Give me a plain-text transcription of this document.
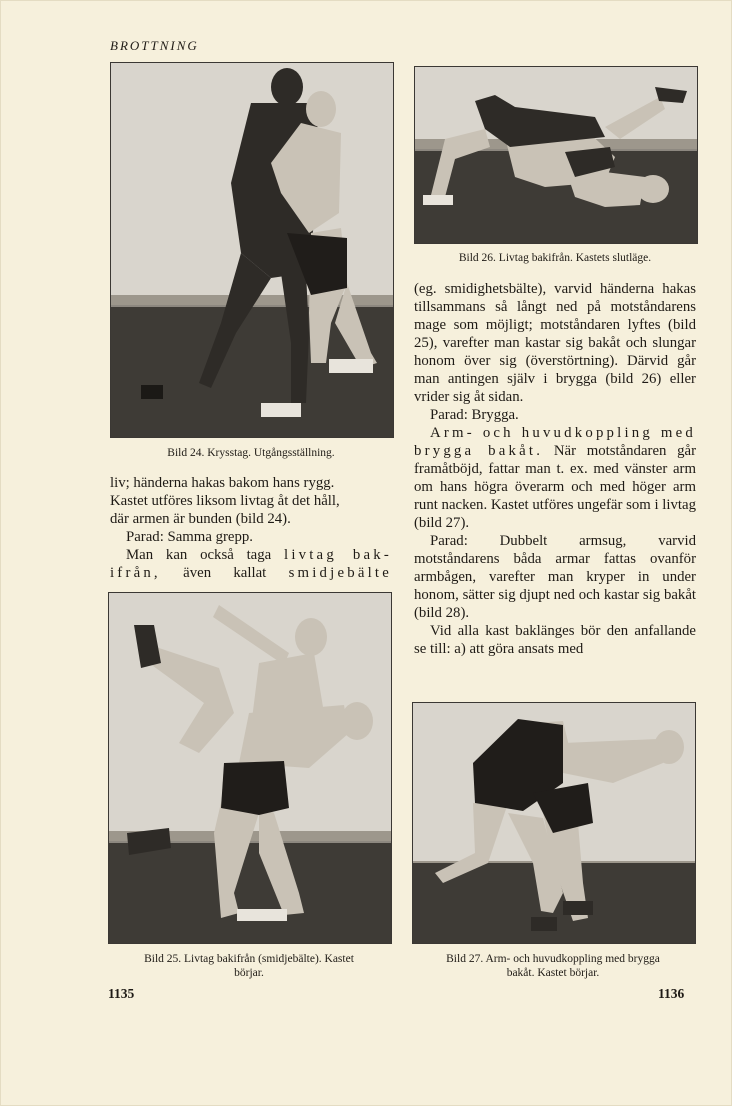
BROTTNING
Bild 24. Krysstag. Utgångsställning.

liv; händerna hakas bakom hans rygg.

Kastet utföres liksom livtag åt det håll,

där armen är bunden (bild 24).

Parad: Samma grepp.

Man kan också taga livtag bak-

ifrån, även kallat smidjebälte

Bild 25. Livtag bakifrån (smidjebälte). Kastet
börjar.
Bild 26. Livtag bakifrån. Kastets slutläge.

(eg. smidighetsbälte), varvid händerna hakas tillsammans så långt ned på motståndarens mage som möjligt; motståndaren lyftes (bild 25), varefter man kastar sig bakåt och slungar honom över sig (överstörtning). Därvid går man antingen själv i brygga (bild 26) eller vrider sig åt sidan.

Parad: Brygga.

Arm- och huvudkoppling med brygga bakåt. När motståndaren går framåtböjd, fattar man t. ex. med vänster arm om hans högra överarm och med höger arm runt nacken. Kastet utföres ungefär som i livtag (bild 27).

Parad: Dubbelt armsug, varvid motståndarens båda armar fattas ovanför armbågen, varefter man kryper in under honom, sätter sig djupt ned och kastar sig bakåt (bild 28).

Vid alla kast baklänges bör den anfallande se till: a) att göra ansats med

Bild 27. Arm- och huvudkoppling med brygga
bakåt. Kastet börjar.
1135	1136
